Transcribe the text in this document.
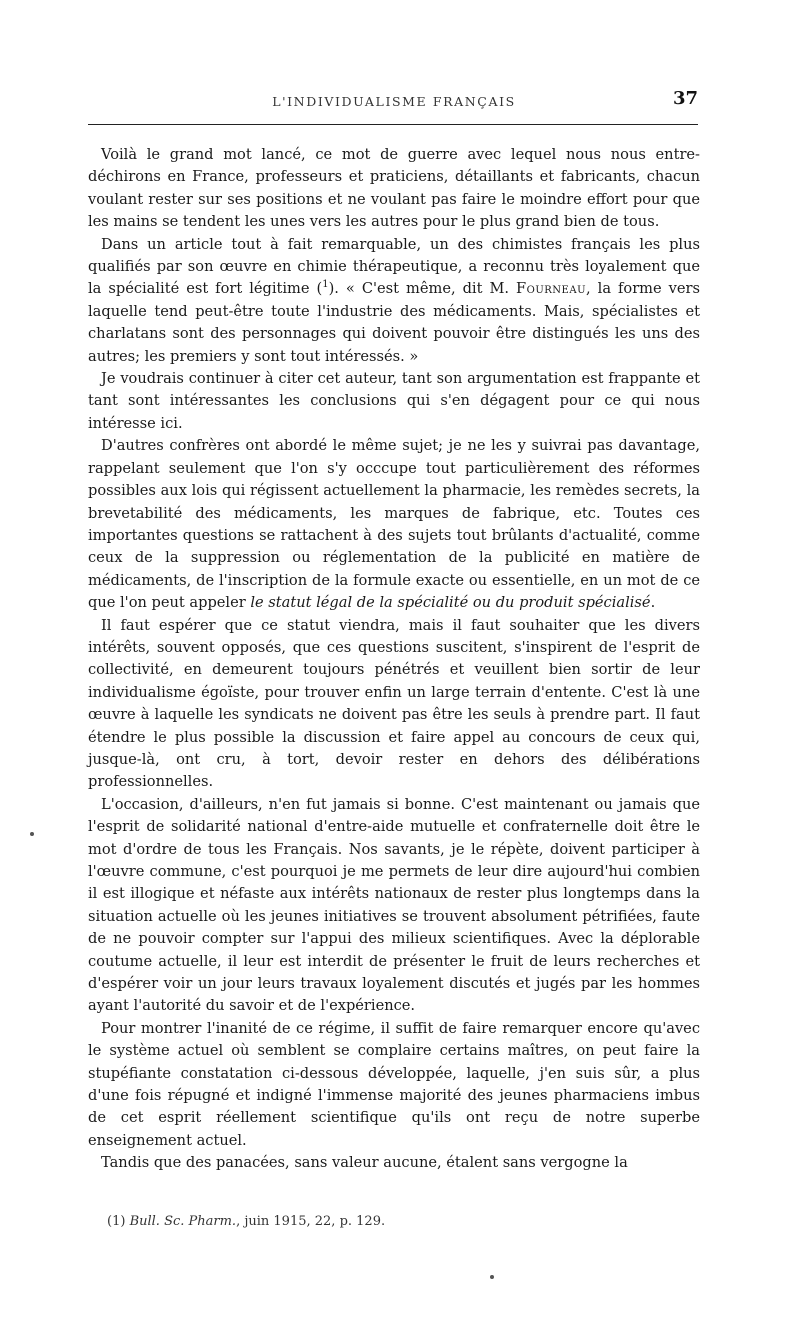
L'INDIVIDUALISME FRANÇAIS	37

Voilà le grand mot lancé, ce mot de guerre avec lequel nous nous entre-déchirons en France, professeurs et praticiens, détaillants et fabricants, chacun voulant rester sur ses positions et ne voulant pas faire le moindre effort pour que les mains se tendent les unes vers les autres pour le plus grand bien de tous.

Dans un article tout à fait remarquable, un des chimistes français les plus qualifiés par son œuvre en chimie thérapeutique, a reconnu très loyalement que la spécialité est fort légitime ($^1$). « C'est même, dit M. Fourneau, la forme vers laquelle tend peut-être toute l'industrie des médicaments. Mais, spécialistes et charlatans sont des personnages qui doivent pouvoir être distingués les uns des autres; les premiers y sont tout intéressés. »

Je voudrais continuer à citer cet auteur, tant son argumentation est frappante et tant sont intéressantes les conclusions qui s'en dégagent pour ce qui nous intéresse ici.

D'autres confrères ont abordé le même sujet; je ne les y suivrai pas davantage, rappelant seulement que l'on s'y occcupe tout particulièrement des réformes possibles aux lois qui régissent actuellement la pharmacie, les remèdes secrets, la brevetabilité des médicaments, les marques de fabrique, etc. Toutes ces importantes questions se rattachent à des sujets tout brûlants d'actualité, comme ceux de la suppression ou réglementation de la publicité en matière de médicaments, de l'inscription de la formule exacte ou essentielle, en un mot de ce que l'on peut appeler le statut légal de la spécialité ou du produit spécialisé.

Il faut espérer que ce statut viendra, mais il faut souhaiter que les divers intérêts, souvent opposés, que ces questions suscitent, s'inspirent de l'esprit de collectivité, en demeurent toujours pénétrés et veuillent bien sortir de leur individualisme égoïste, pour trouver enfin un large terrain d'entente. C'est là une œuvre à laquelle les syndicats ne doivent pas être les seuls à prendre part. Il faut étendre le plus possible la discussion et faire appel au concours de ceux qui, jusque-là, ont cru, à tort, devoir rester en dehors des délibérations professionnelles.

L'occasion, d'ailleurs, n'en fut jamais si bonne. C'est maintenant ou jamais que l'esprit de solidarité national d'entre-aide mutuelle et confraternelle doit être le mot d'ordre de tous les Français. Nos savants, je le répète, doivent participer à l'œuvre commune, c'est pourquoi je me permets de leur dire aujourd'hui combien il est illogique et néfaste aux intérêts nationaux de rester plus longtemps dans la situation actuelle où les jeunes initiatives se trouvent absolument pétrifiées, faute de ne pouvoir compter sur l'appui des milieux scientifiques. Avec la déplorable coutume actuelle, il leur est interdit de présenter le fruit de leurs recherches et d'espérer voir un jour leurs travaux loyalement discutés et jugés par les hommes ayant l'autorité du savoir et de l'expérience.

Pour montrer l'inanité de ce régime, il suffit de faire remarquer encore qu'avec le système actuel où semblent se complaire certains maîtres, on peut faire la stupéfiante constatation ci-dessous développée, laquelle, j'en suis sûr, a plus d'une fois répugné et indigné l'immense majorité des jeunes pharmaciens imbus de cet esprit réellement scientifique qu'ils ont reçu de notre superbe enseignement actuel.

Tandis que des panacées, sans valeur aucune, étalent sans vergogne la

(1) Bull. Sc. Pharm., juin 1915, 22, p. 129.
